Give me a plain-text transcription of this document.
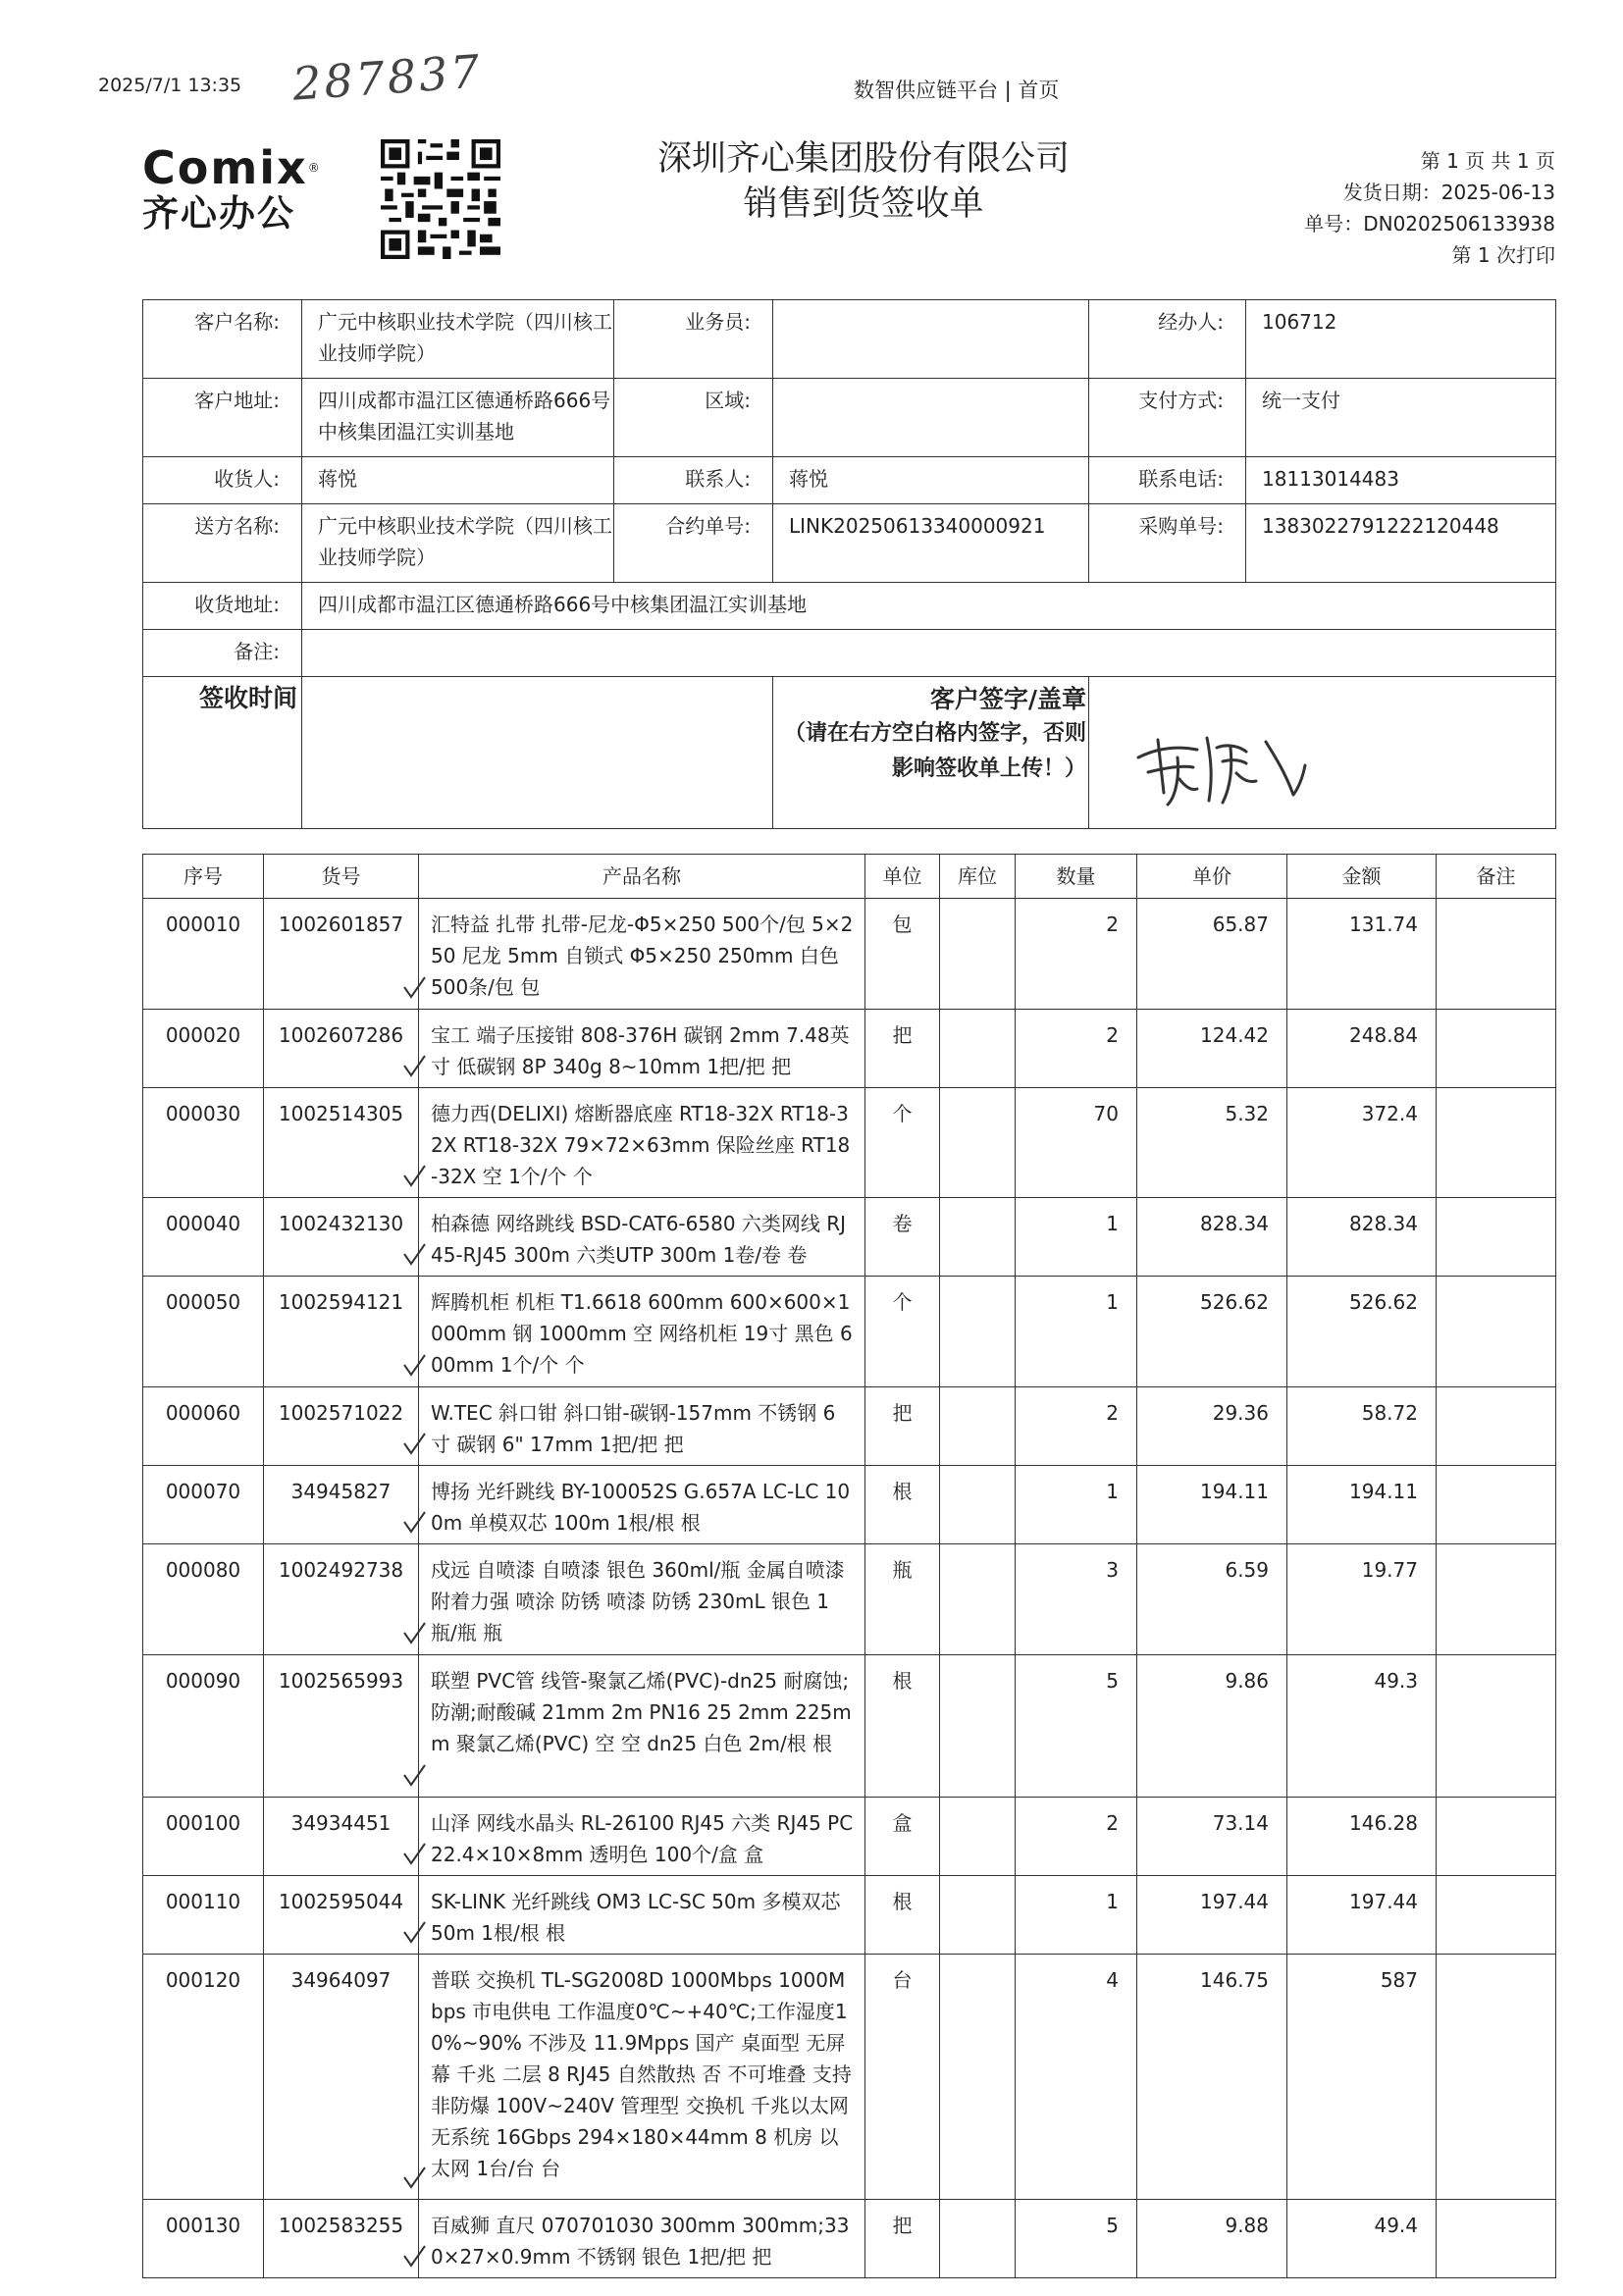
2025/7/1 13:35 287837	数智供应链平台 | 首页
Comix®
齐心办公
深圳齐心集团股份有限公司
销售到货签收单
第 1 页 共 1 页
发货日期：2025-06-13
单号：DN0202506133938
第 1 次打印
客户名称:	广元中核职业技术学院（四川核工业技师学院）	业务员:		经办人:	106712
客户地址:	四川成都市温江区德通桥路666号中核集团温江实训基地	区域:		支付方式:	统一支付
收货人:	蒋悦	联系人:	蒋悦	联系电话:	18113014483
送方名称:	广元中核职业技术学院（四川核工业技师学院）	合约单号:	LINK20250613340000921	采购单号:	1383022791222120448
收货地址:	四川成都市温江区德通桥路666号中核集团温江实训基地				
备注:					
签收时间			客户签字/盖章
（请在右方空白格内签字，否则影响签收单上传！）

序号	货号	产品名称	单位	库位	数量	单价	金额	备注
000010	1002601857	汇特益 扎带 扎带-尼龙-Φ5×250 500个/包 5×250 尼龙 5mm 自锁式 Φ5×250 250mm 白色 500条/包 包	包		2	65.87	131.74	
000020	1002607286	宝工 端子压接钳 808-376H 碳钢 2mm 7.48英寸 低碳钢 8P 340g 8~10mm 1把/把 把	把		2	124.42	248.84	
000030	1002514305	德力西(DELIXI) 熔断器底座 RT18-32X RT18-32X RT18-32X 79×72×63mm 保险丝座 RT18-32X 空 1个/个 个	个		70	5.32	372.4	
000040	1002432130	柏森德 网络跳线 BSD-CAT6-6580 六类网线 RJ45-RJ45 300m 六类UTP 300m 1卷/卷 卷	卷		1	828.34	828.34	
000050	1002594121	辉腾机柜 机柜 T1.6618 600mm 600×600×1000mm 钢 1000mm 空 网络机柜 19寸 黑色 600mm 1个/个 个	个		1	526.62	526.62	
000060	1002571022	W.TEC 斜口钳 斜口钳-碳钢-157mm 不锈钢 6寸 碳钢 6" 17mm 1把/把 把	把		2	29.36	58.72	
000070	34945827	博扬 光纤跳线 BY-100052S G.657A LC-LC 100m 单模双芯 100m 1根/根 根	根		1	194.11	194.11	
000080	1002492738	戍远 自喷漆 自喷漆 银色 360ml/瓶 金属自喷漆 附着力强 喷涂 防锈 喷漆 防锈 230mL 银色 1瓶/瓶 瓶	瓶		3	6.59	19.77	
000090	1002565993	联塑 PVC管 线管-聚氯乙烯(PVC)-dn25 耐腐蚀;防潮;耐酸碱 21mm 2m PN16 25 2mm 225mm 聚氯乙烯(PVC) 空 空 dn25 白色 2m/根 根	根		5	9.86	49.3	
000100	34934451	山泽 网线水晶头 RL-26100 RJ45 六类 RJ45 PC 22.4×10×8mm 透明色 100个/盒 盒	盒		2	73.14	146.28	
000110	1002595044	SK-LINK 光纤跳线 OM3 LC-SC 50m 多模双芯 50m 1根/根 根	根		1	197.44	197.44	
000120	34964097	普联 交换机 TL-SG2008D 1000Mbps 1000Mbps 市电供电 工作温度0℃~+40℃;工作湿度10%~90% 不涉及 11.9Mpps 国产 桌面型 无屏幕 千兆 二层 8 RJ45 自然散热 否 不可堆叠 支持 非防爆 100V~240V 管理型 交换机 千兆以太网 无系统 16Gbps 294×180×44mm 8 机房 以太网 1台/台 台	台		4	146.75	587	
000130	1002583255	百威狮 直尺 070701030 300mm 300mm;330×27×0.9mm 不锈钢 银色 1把/把 把	把		5	9.88	49.4	
